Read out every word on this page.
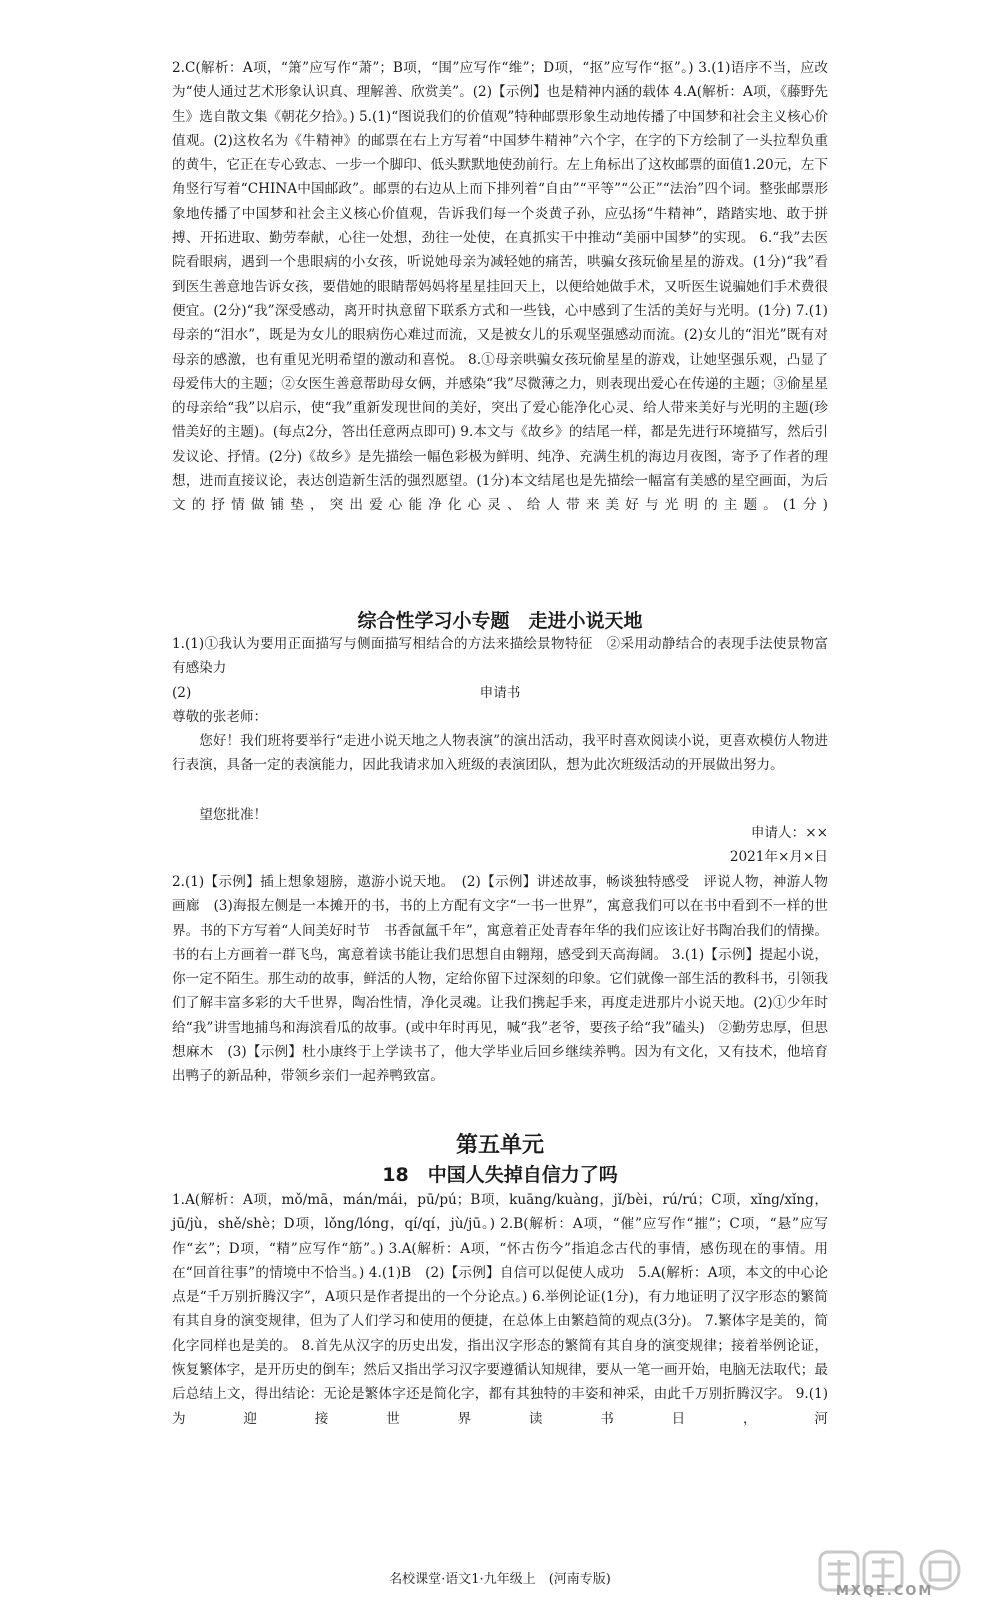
2.C(解析：A项，“箫”应写作“萧”；B项，“围”应写作“维”；D项，“抠”应写作“抠”。) 3.(1)语序不当，应改为“使人通过艺术形象认识真、理解善、欣赏美”。(2)【示例】也是精神内涵的载体 4.A(解析：A项，《藤野先生》选自散文集《朝花夕拾》。) 5.(1)“图说我们的价值观”特种邮票形象生动地传播了中国梦和社会主义核心价值观。(2)这枚名为《牛精神》的邮票在右上方写着“中国梦牛精神”六个字，在字的下方绘制了一头拉犁负重的黄牛，它正在专心致志、一步一个脚印、低头默默地使劲前行。左上角标出了这枚邮票的面值1.20元，左下角竖行写着“CHINA中国邮政”。邮票的右边从上而下排列着“自由”“平等”“公正”“法治”四个词。整张邮票形象地传播了中国梦和社会主义核心价值观，告诉我们每一个炎黄子孙，应弘扬“牛精神”，踏踏实地、敢于拼搏、开拓进取、勤劳奉献，心往一处想，劲往一处使，在真抓实干中推动“美丽中国梦”的实现。 6.“我”去医院看眼病，遇到一个患眼病的小女孩，听说她母亲为减轻她的痛苦，哄骗女孩玩偷星星的游戏。(1分)“我”看到医生善意地告诉女孩，要借她的眼睛帮妈妈将星星挂回天上，以便给她做手术，又听医生说骗她们手术费很便宜。(2分)“我”深受感动，离开时执意留下联系方式和一些钱，心中感到了生活的美好与光明。(1分) 7.(1)母亲的“泪水”，既是为女儿的眼病伤心难过而流，又是被女儿的乐观坚强感动而流。(2)女儿的“泪光”既有对母亲的感激，也有重见光明希望的激动和喜悦。 8.①母亲哄骗女孩玩偷星星的游戏，让她坚强乐观，凸显了母爱伟大的主题；②女医生善意帮助母女俩，并感染“我”尽微薄之力，则表现出爱心在传递的主题；③偷星星的母亲给“我”以启示，使“我”重新发现世间的美好，突出了爱心能净化心灵、给人带来美好与光明的主题(珍惜美好的主题)。(每点2分，答出任意两点即可) 9.本文与《故乡》的结尾一样，都是先进行环境描写，然后引发议论、抒情。(2分)《故乡》是先描绘一幅色彩极为鲜明、纯净、充满生机的海边月夜图，寄予了作者的理想，进而直接议论，表达创造新生活的强烈愿望。(1分)本文结尾也是先描绘一幅富有美感的星空画面，为后文的抒情做铺垫，突出爱心能净化心灵、给人带来美好与光明的主题。(1分)

综合性学习小专题　走进小说天地

1.(1)①我认为要用正面描写与侧面描写相结合的方法来描绘景物特征　②采用动静结合的表现手法使景物富有感染力

(2)	申请书

尊敬的张老师：

您好！我们班将要举行“走进小说天地之人物表演”的演出活动，我平时喜欢阅读小说，更喜欢模仿人物进行表演，具备一定的表演能力，因此我请求加入班级的表演团队，想为此次班级活动的开展做出努力。

望您批准！

申请人：××

2021年×月×日

2.(1)【示例】插上想象翅膀，遨游小说天地。　(2)【示例】讲述故事，畅谈独特感受　评说人物，神游人物画廊　(3)海报左侧是一本摊开的书，书的上方配有文字“一书一世界”，寓意我们可以在书中看到不一样的世界。书的下方写着“人间美好时节　书香氤氲千年”，寓意着正处青春年华的我们应该让好书陶冶我们的情操。书的右上方画着一群飞鸟，寓意着读书能让我们思想自由翱翔，感受到天高海阔。 3.(1)【示例】提起小说，你一定不陌生。那生动的故事，鲜活的人物，定给你留下过深刻的印象。它们就像一部生活的教科书，引领我们了解丰富多彩的大千世界，陶冶性情，净化灵魂。让我们携起手来，再度走进那片小说天地。(2)①少年时给“我”讲雪地捕鸟和海滨看瓜的故事。(或中年时再见，喊“我”老爷，要孩子给“我”磕头)　②勤劳忠厚，但思想麻木　(3)【示例】杜小康终于上学读书了，他大学毕业后回乡继续养鸭。因为有文化，又有技术，他培育出鸭子的新品种，带领乡亲们一起养鸭致富。

第五单元
18　中国人失掉自信力了吗

1.A(解析：A项，mǒ/mā，mán/mái，pū/pú；B项，kuāng/kuàng，jǐ/bèi，rú/rú；C项，xǐng/xǐng，jū/jù，shě/shè；D项，lǒng/lóng，qí/qí，jù/jū。) 2.B(解析：A项，“催”应写作“摧”；C项，“悬”应写作“玄”；D项，“精”应写作“筋”。) 3.A(解析：A项，“怀古伤今”指追念古代的事情，感伤现在的事情。用在“回首往事”的情境中不恰当。) 4.(1)B　(2)【示例】自信可以促使人成功　5.A(解析：A项，本文的中心论点是“千万别折腾汉字”，A项只是作者提出的一个分论点。) 6.举例论证(1分)，有力地证明了汉字形态的繁简有其自身的演变规律，但为了人们学习和使用的便捷，在总体上由繁趋简的观点(3分)。 7.繁体字是美的，简化字同样也是美的。 8.首先从汉字的历史出发，指出汉字形态的繁简有其自身的演变规律；接着举例论证，恢复繁体字，是开历史的倒车；然后又指出学习汉字要遵循认知规律，要从一笔一画开始，电脑无法取代；最后总结上文，得出结论：无论是繁体字还是简化字，都有其独特的丰姿和神采，由此千万别折腾汉字。 9.(1)为迎接世界读书日，河

名校课堂·语文1·九年级上　(河南专版)

MXQE.COM
